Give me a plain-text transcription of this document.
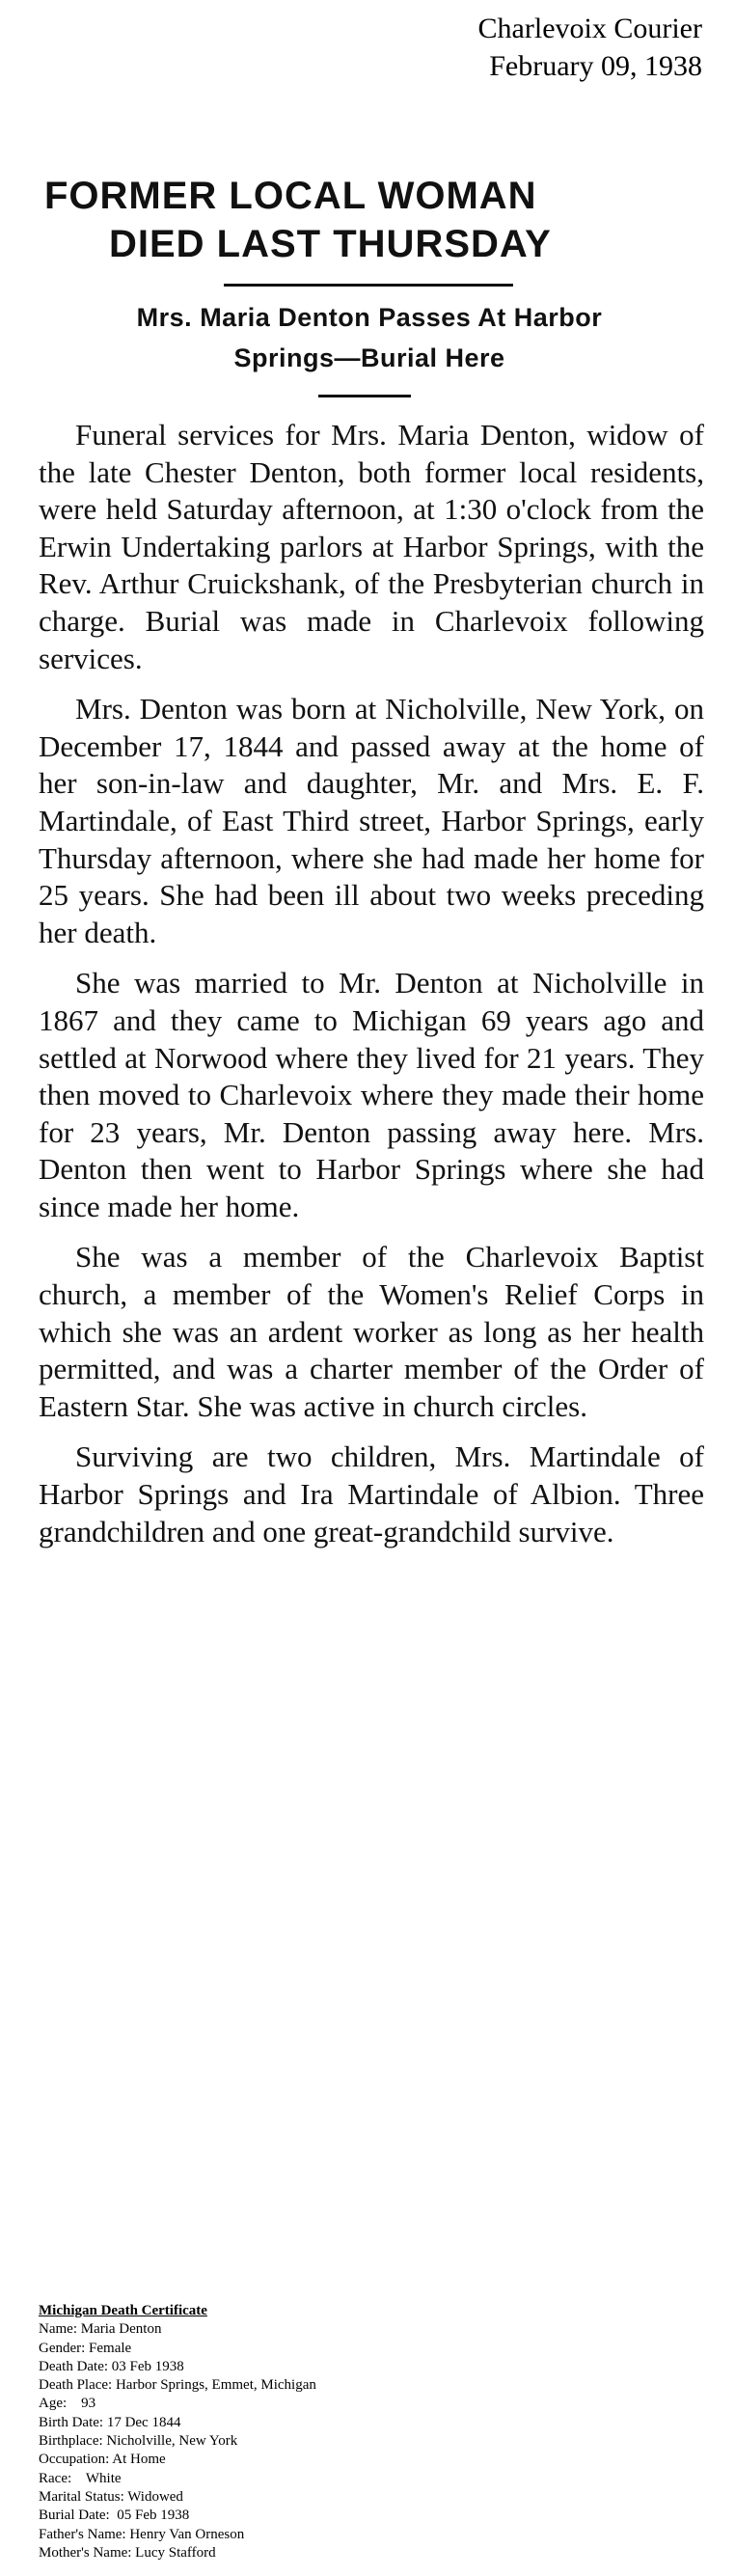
Charlevoix Courier
February 09, 1938
FORMER LOCAL WOMAN
DIED LAST THURSDAY
Mrs. Maria Denton Passes At Harbor
Springs—Burial Here

Funeral services for Mrs. Maria Denton, widow of the late Chester Denton, both former local residents, were held Saturday afternoon, at 1:30 o'clock from the Erwin Undertaking parlors at Harbor Springs, with the Rev. Arthur Cruickshank, of the Presbyterian church in charge. Burial was made in Charlevoix following services.

Mrs. Denton was born at Nicholville, New York, on December 17, 1844 and passed away at the home of her son-in-law and daughter, Mr. and Mrs. E. F. Martindale, of East Third street, Harbor Springs, early Thursday afternoon, where she had made her home for 25 years. She had been ill about two weeks preceding her death.

She was married to Mr. Denton at Nicholville in 1867 and they came to Michigan 69 years ago and settled at Norwood where they lived for 21 years. They then moved to Charlevoix where they made their home for 23 years, Mr. Denton passing away here. Mrs. Denton then went to Harbor Springs where she had since made her home.

She was a member of the Charlevoix Baptist church, a member of the Women's Relief Corps in which she was an ardent worker as long as her health permitted, and was a charter member of the Order of Eastern Star. She was active in church circles.

Surviving are two children, Mrs. Martindale of Harbor Springs and Ira Martindale of Albion. Three grandchildren and one great-grandchild survive.

Michigan Death Certificate
Name: Maria Denton
Gender: Female
Death Date: 03 Feb 1938
Death Place: Harbor Springs, Emmet, Michigan
Age:    93
Birth Date: 17 Dec 1844
Birthplace: Nicholville, New York
Occupation: At Home
Race:    White
Marital Status: Widowed
Burial Date:  05 Feb 1938
Father's Name: Henry Van Orneson
Mother's Name: Lucy Stafford
